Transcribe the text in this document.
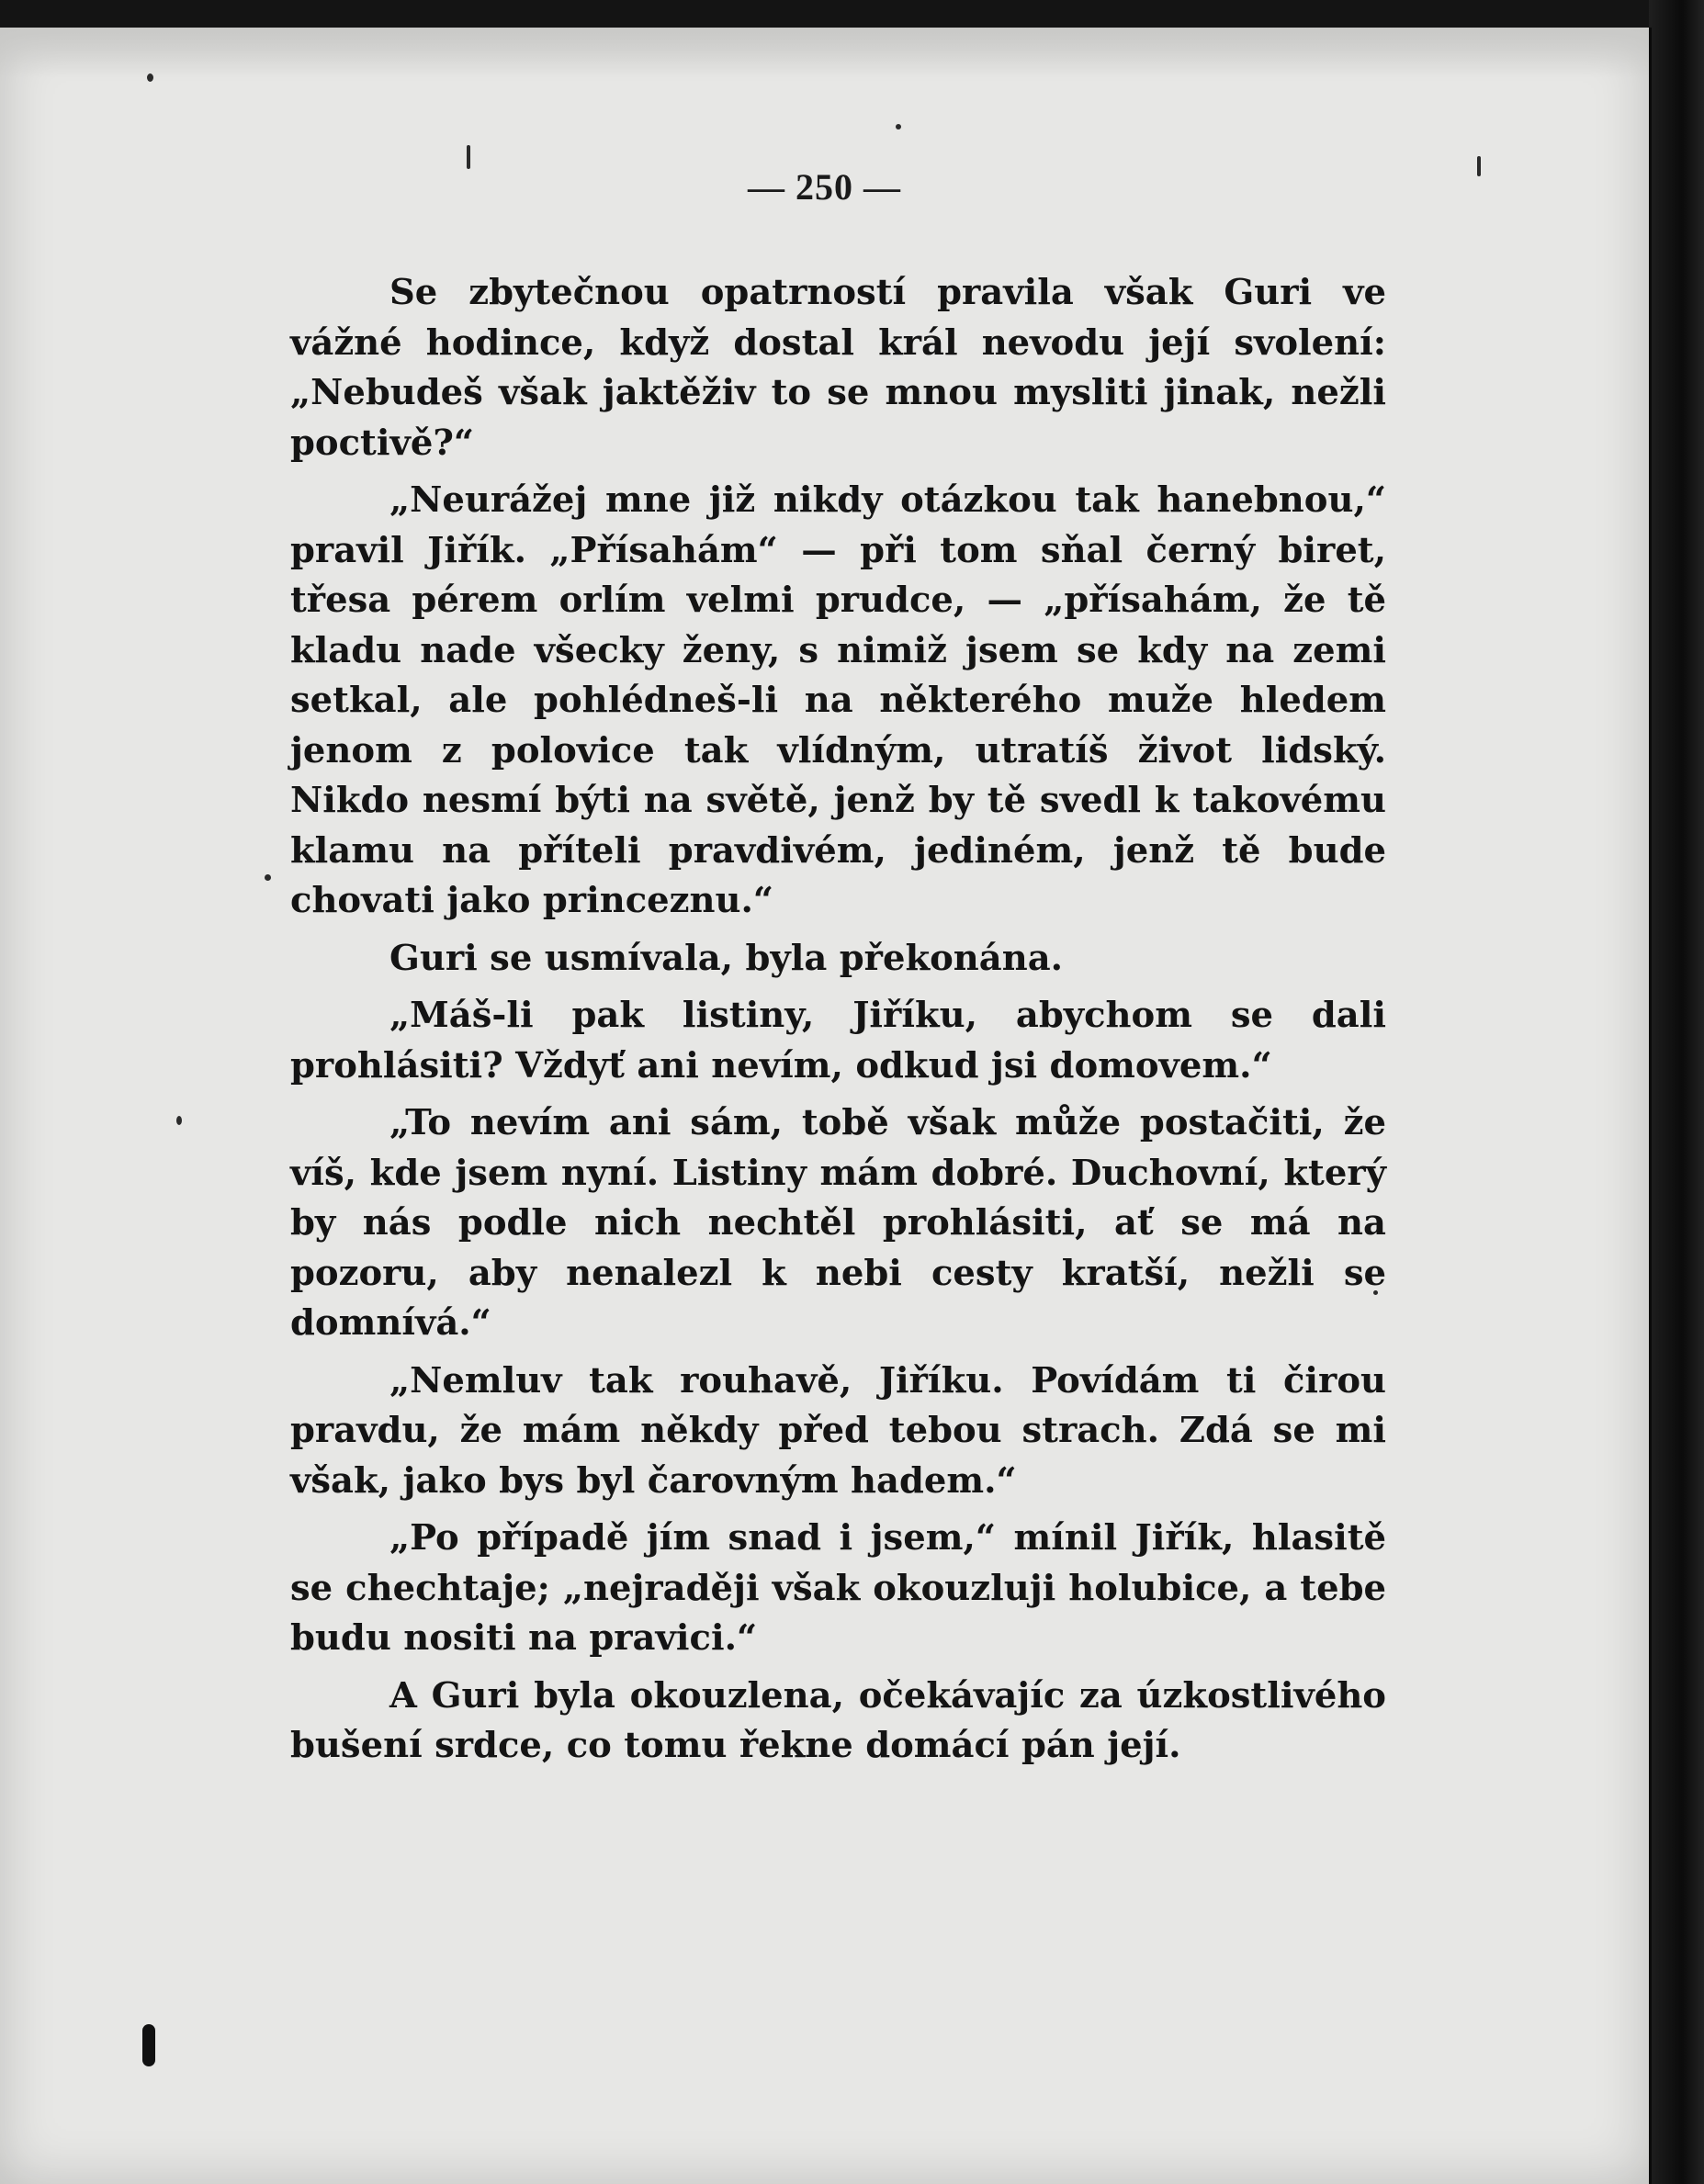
— 250 —

Se zbytečnou opatrností pravila však Guri ve vážné hodince, když dostal král nevodu její svolení: „Nebudeš však jaktěživ to se mnou mysliti jinak, nežli poctivě?“

„Neurážej mne již nikdy otázkou tak hanebnou,“ pravil Jiřík. „Přísahám“ — při tom sňal černý biret, třesa pérem orlím velmi prudce, — „přísahám, že tě kladu nade všecky ženy, s nimiž jsem se kdy na zemi setkal, ale pohlédneš-li na některého muže hledem jenom z polovice tak vlídným, utratíš život lidský. Nikdo nesmí býti na světě, jenž by tě svedl k takovému klamu na příteli pravdivém, jediném, jenž tě bude chovati jako princeznu.“

Guri se usmívala, byla překonána.

„Máš-li pak listiny, Jiříku, abychom se dali prohlásiti? Vždyť ani nevím, odkud jsi domovem.“

„To nevím ani sám, tobě však může postačiti, že víš, kde jsem nyní. Listiny mám dobré. Duchovní, který by nás podle nich nechtěl prohlásiti, ať se má na pozoru, aby nenalezl k nebi cesty kratší, nežli se domnívá.“

„Nemluv tak rouhavě, Jiříku. Povídám ti čirou pravdu, že mám někdy před tebou strach. Zdá se mi však, jako bys byl čarovným hadem.“

„Po případě jím snad i jsem,“ mínil Jiřík, hlasitě se chechtaje; „nejraději však okouzluji holubice, a tebe budu nositi na pravici.“

A Guri byla okouzlena, očekávajíc za úzkostlivého bušení srdce, co tomu řekne domácí pán její.
